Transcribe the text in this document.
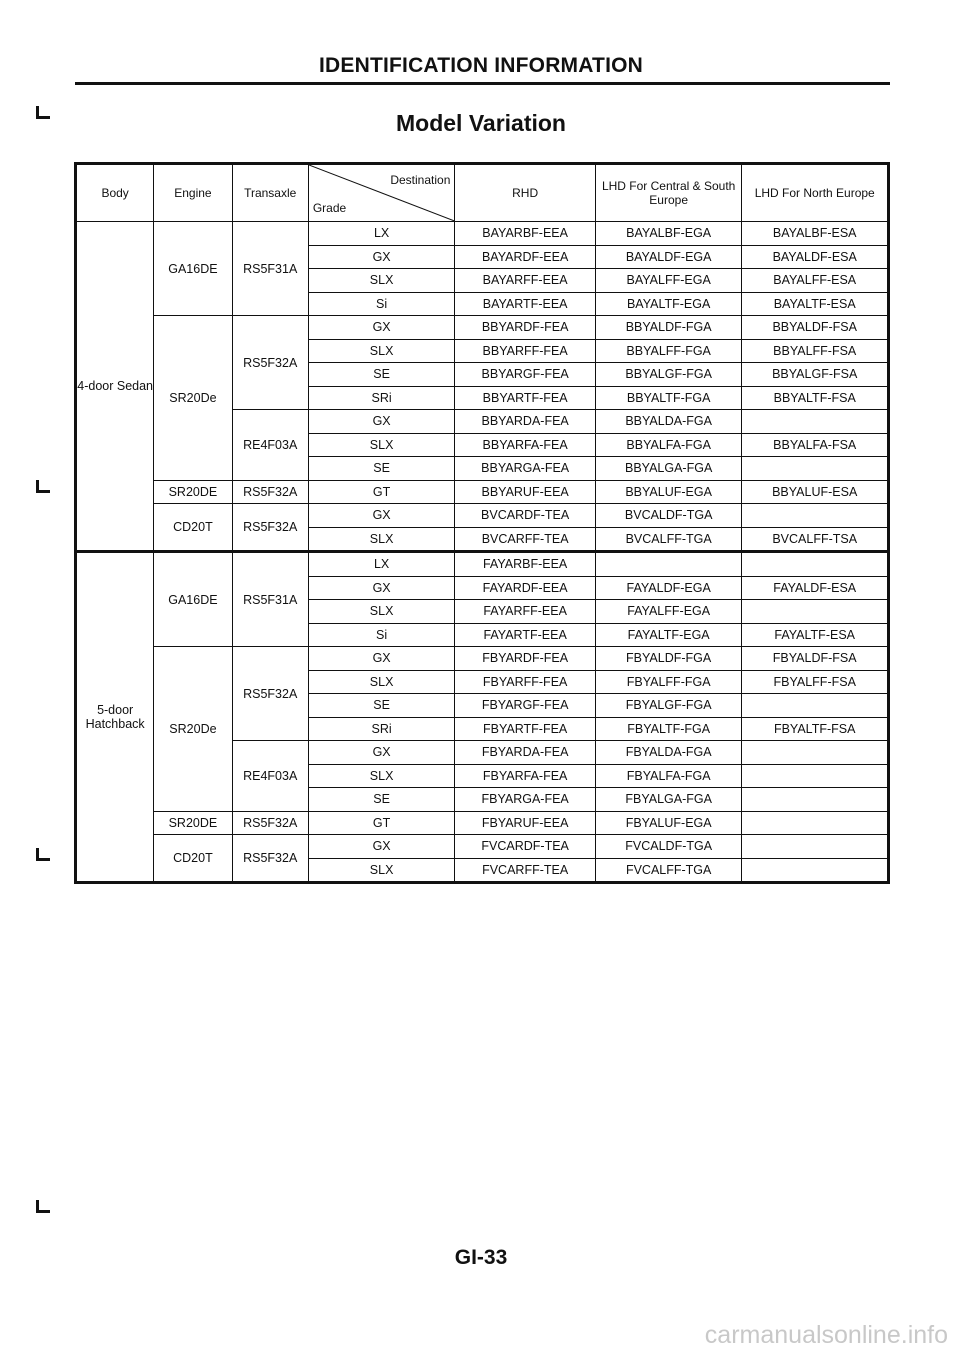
IDENTIFICATION INFORMATION
Model Variation
Body	Engine	Transaxle	Destination
Grade	RHD	LHD For Central & South Europe	LHD For North Europe
4-door Sedan	GA16DE	RS5F31A	LX	BAYARBF-EEA	BAYALBF-EGA	BAYALBF-ESA
			GX	BAYARDF-EEA	BAYALDF-EGA	BAYALDF-ESA
			SLX	BAYARFF-EEA	BAYALFF-EGA	BAYALFF-ESA
			Si	BAYARTF-EEA	BAYALTF-EGA	BAYALTF-ESA
	SR20De	RS5F32A	GX	BBYARDF-FEA	BBYALDF-FGA	BBYALDF-FSA
			SLX	BBYARFF-FEA	BBYALFF-FGA	BBYALFF-FSA
			SE	BBYARGF-FEA	BBYALGF-FGA	BBYALGF-FSA
			SRi	BBYARTF-FEA	BBYALTF-FGA	BBYALTF-FSA
		RE4F03A	GX	BBYARDA-FEA	BBYALDA-FGA	
			SLX	BBYARFA-FEA	BBYALFA-FGA	BBYALFA-FSA
			SE	BBYARGA-FEA	BBYALGA-FGA	
	SR20DE	RS5F32A	GT	BBYARUF-EEA	BBYALUF-EGA	BBYALUF-ESA
	CD20T	RS5F32A	GX	BVCARDF-TEA	BVCALDF-TGA	
			SLX	BVCARFF-TEA	BVCALFF-TGA	BVCALFF-TSA
5-door Hatchback	GA16DE	RS5F31A	LX	FAYARBF-EEA		
			GX	FAYARDF-EEA	FAYALDF-EGA	FAYALDF-ESA
			SLX	FAYARFF-EEA	FAYALFF-EGA	
			Si	FAYARTF-EEA	FAYALTF-EGA	FAYALTF-ESA
	SR20De	RS5F32A	GX	FBYARDF-FEA	FBYALDF-FGA	FBYALDF-FSA
			SLX	FBYARFF-FEA	FBYALFF-FGA	FBYALFF-FSA
			SE	FBYARGF-FEA	FBYALGF-FGA	
			SRi	FBYARTF-FEA	FBYALTF-FGA	FBYALTF-FSA
		RE4F03A	GX	FBYARDA-FEA	FBYALDA-FGA	
			SLX	FBYARFA-FEA	FBYALFA-FGA	
			SE	FBYARGA-FEA	FBYALGA-FGA	
	SR20DE	RS5F32A	GT	FBYARUF-EEA	FBYALUF-EGA	
	CD20T	RS5F32A	GX	FVCARDF-TEA	FVCALDF-TGA	
			SLX	FVCARFF-TEA	FVCALFF-TGA	
GI-33
carmanualsonline.info
